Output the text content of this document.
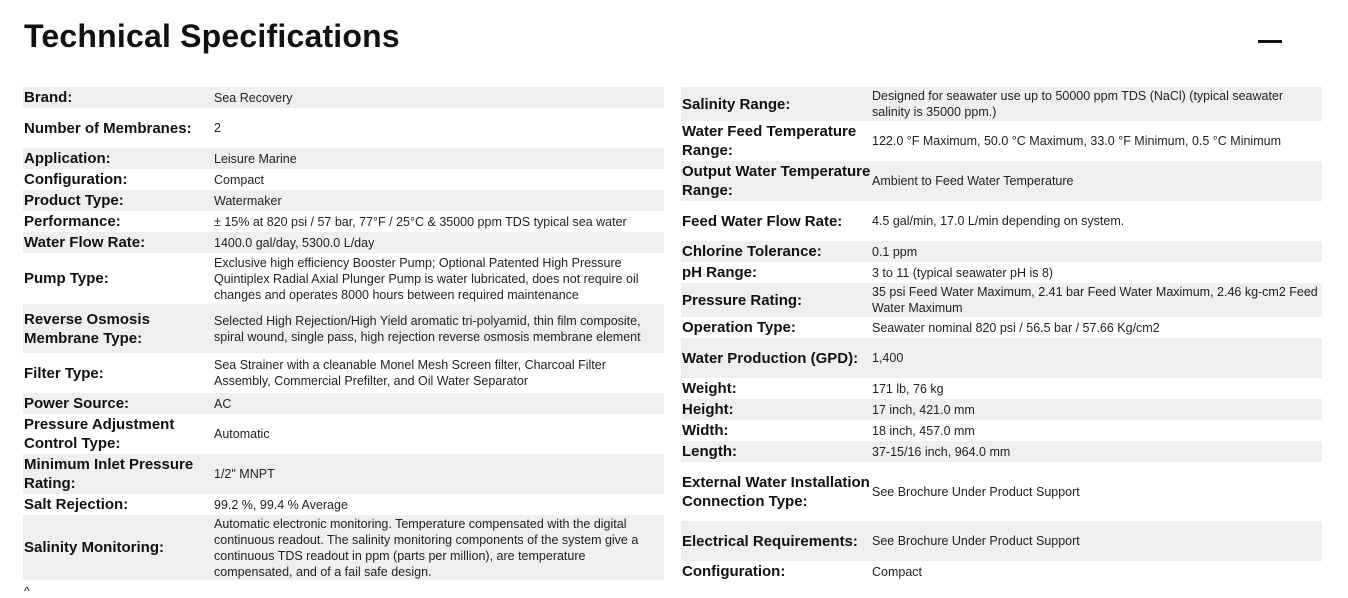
Technical Specifications
Brand:	Sea Recovery
Number of Membranes:	2
Application:	Leisure Marine
Configuration:	Compact
Product Type:	Watermaker
Performance:	± 15% at 820 psi / 57 bar, 77°F / 25°C & 35000 ppm TDS typical sea water
Water Flow Rate:	1400.0 gal/day, 5300.0 L/day
Pump Type:	Exclusive high efficiency Booster Pump; Optional Patented High Pressure Quintiplex Radial Axial Plunger Pump is water lubricated, does not require oil changes and operates 8000 hours between required maintenance
Reverse Osmosis Membrane Type:	Selected High Rejection/High Yield aromatic tri-polyamid, thin film composite, spiral wound, single pass, high rejection reverse osmosis membrane element
Filter Type:	Sea Strainer with a cleanable Monel Mesh Screen filter, Charcoal Filter Assembly, Commercial Prefilter, and Oil Water Separator
Power Source:	AC
Pressure Adjustment Control Type:	Automatic
Minimum Inlet Pressure Rating:	1/2" MNPT
Salt Rejection:	99.2 %, 99.4 % Average
Salinity Monitoring:	Automatic electronic monitoring. Temperature compensated with the digital continuous readout. The salinity monitoring components of the system give a continuous TDS readout in ppm (parts per million), are temperature compensated, and of a fail safe design.
Salinity Range:	Designed for seawater use up to 50000 ppm TDS (NaCl) (typical seawater salinity is 35000 ppm.)
Water Feed Temperature Range:	122.0 °F Maximum, 50.0 °C Maximum, 33.0 °F Minimum, 0.5 °C Minimum
Output Water Temperature Range:	Ambient to Feed Water Temperature
Feed Water Flow Rate:	4.5 gal/min, 17.0 L/min depending on system.
Chlorine Tolerance:	0.1 ppm
pH Range:	3 to 11 (typical seawater pH is 8)
Pressure Rating:	35 psi Feed Water Maximum, 2.41 bar Feed Water Maximum, 2.46 kg-cm2 Feed Water Maximum
Operation Type:	Seawater nominal 820 psi / 56.5 bar / 57.66 Kg/cm2
Water Production (GPD):	1,400
Weight:	171 lb, 76 kg
Height:	17 inch, 421.0 mm
Width:	18 inch, 457.0 mm
Length:	37-15/16 inch, 964.0 mm
External Water Installation Connection Type:	See Brochure Under Product Support
Electrical Requirements:	See Brochure Under Product Support
Configuration:	Compact
^
